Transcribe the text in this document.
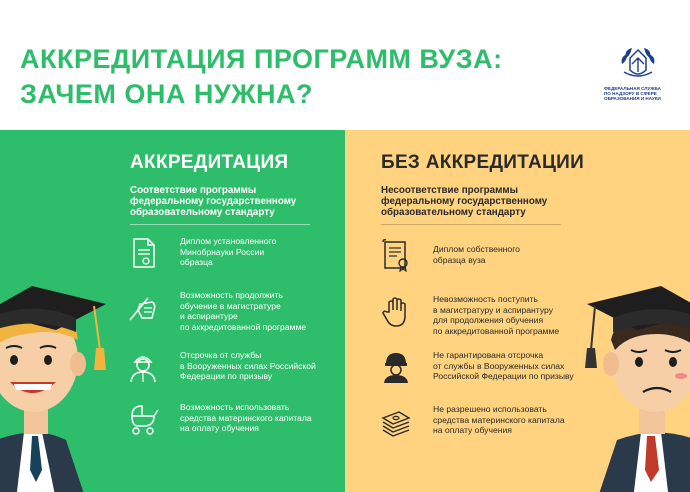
АККРЕДИТАЦИЯ ПРОГРАММ ВУЗА:
ЗАЧЕМ ОНА НУЖНА?	ФЕДЕРАЛЬНАЯ СЛУЖБА
ПО НАДЗОРУ В СФЕРЕ
ОБРАЗОВАНИЯ И НАУКИ
АККРЕДИТАЦИЯ
Соответствие программы
федеральному государственному
образовательному стандарту
Диплом установленного
Минобрнауки России
образца
Возможность продолжить
обучение в магистратуре
и аспирантуре
по аккредитованной программе
Отсрочка от службы
в Вооруженных силах Российской
Федерации по призыву
Возможность использовать
средства материнского капитала
на оплату обучения
БЕЗ АККРЕДИТАЦИИ
Несоответствие программы
федеральному государственному
образовательному стандарту
Диплом собственного
образца вуза
Невозможность поступить
в магистратуру и аспирантуру
для продолжения обучения
по аккредитованной программе
Не гарантирована отсрочка
от службы в Вооруженных силах
Российской Федерации по призыву
Не разрешено использовать
средства материнского капитала
на оплату обучения
